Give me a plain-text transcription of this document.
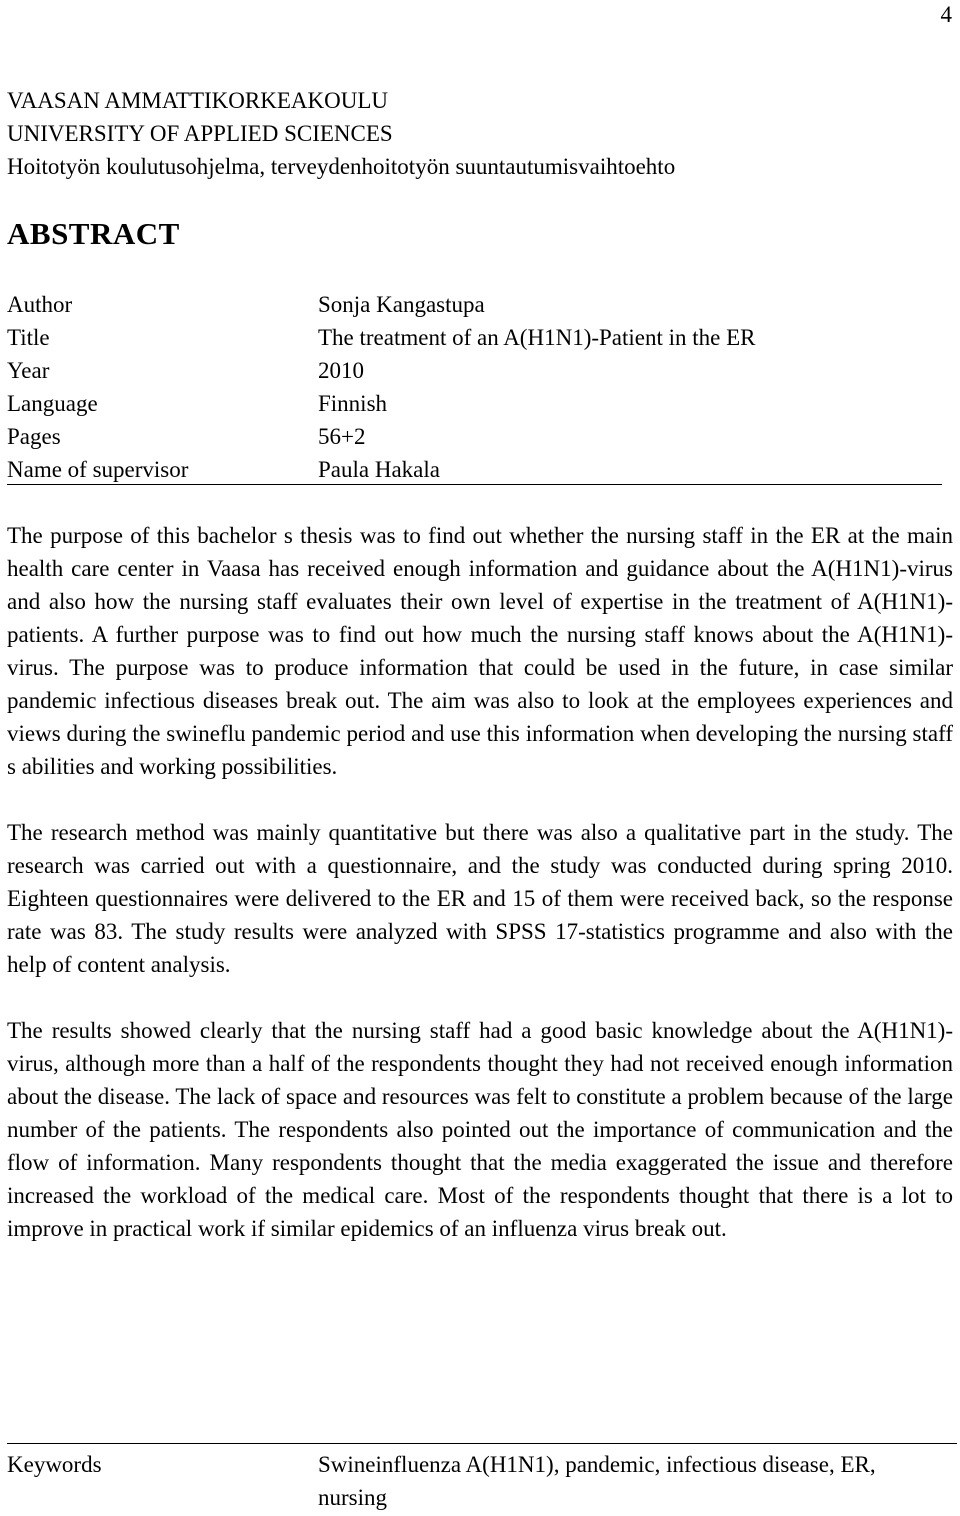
4
VAASAN AMMATTIKORKEAKOULU
UNIVERSITY OF APPLIED SCIENCES
Hoitotyön koulutusohjelma, terveydenhoitotyön suuntautumisvaihtoehto
ABSTRACT
Author	Sonja Kangastupa
Title	The treatment of an A(H1N1)-Patient in the ER
Year	2010
Language	Finnish
Pages	56+2
Name of supervisor	Paula Hakala

The purpose of this bachelor s thesis was to find out whether the nursing staff in the ER at the main health care center in Vaasa has received enough information and guidance about the A(H1N1)-virus and also how the nursing staff evaluates their own level of expertise in the treatment of A(H1N1)-patients. A further purpose was to find out how much the nursing staff knows about the A(H1N1)-virus. The purpose was to produce information that could be used in the future, in case similar pandemic infectious diseases break out. The aim was also to look at the employees experiences and views during the swineflu pandemic period and use this information when developing the nursing staff s abilities and working possibilities.

The research method was mainly quantitative but there was also a qualitative part in the study. The research was carried out with a questionnaire, and the study was conducted during spring 2010. Eighteen questionnaires were delivered to the ER and 15 of them were received back, so the response rate was 83. The study results were analyzed with SPSS 17-statistics programme and also with the help of content analysis.

The results showed clearly that the nursing staff had a good basic knowledge about the A(H1N1)-virus, although more than a half of the respondents thought they had not received enough information about the disease. The lack of space and resources was felt to constitute a problem because of the large number of the patients. The respondents also pointed out the importance of communication and the flow of information. Many respondents thought that the media exaggerated the issue and therefore increased the workload of the medical care. Most of the respondents thought that there is a lot to improve in practical work if similar epidemics of an influenza virus break out.

Keywords	Swineinfluenza A(H1N1), pandemic, infectious disease, ER, nursing
